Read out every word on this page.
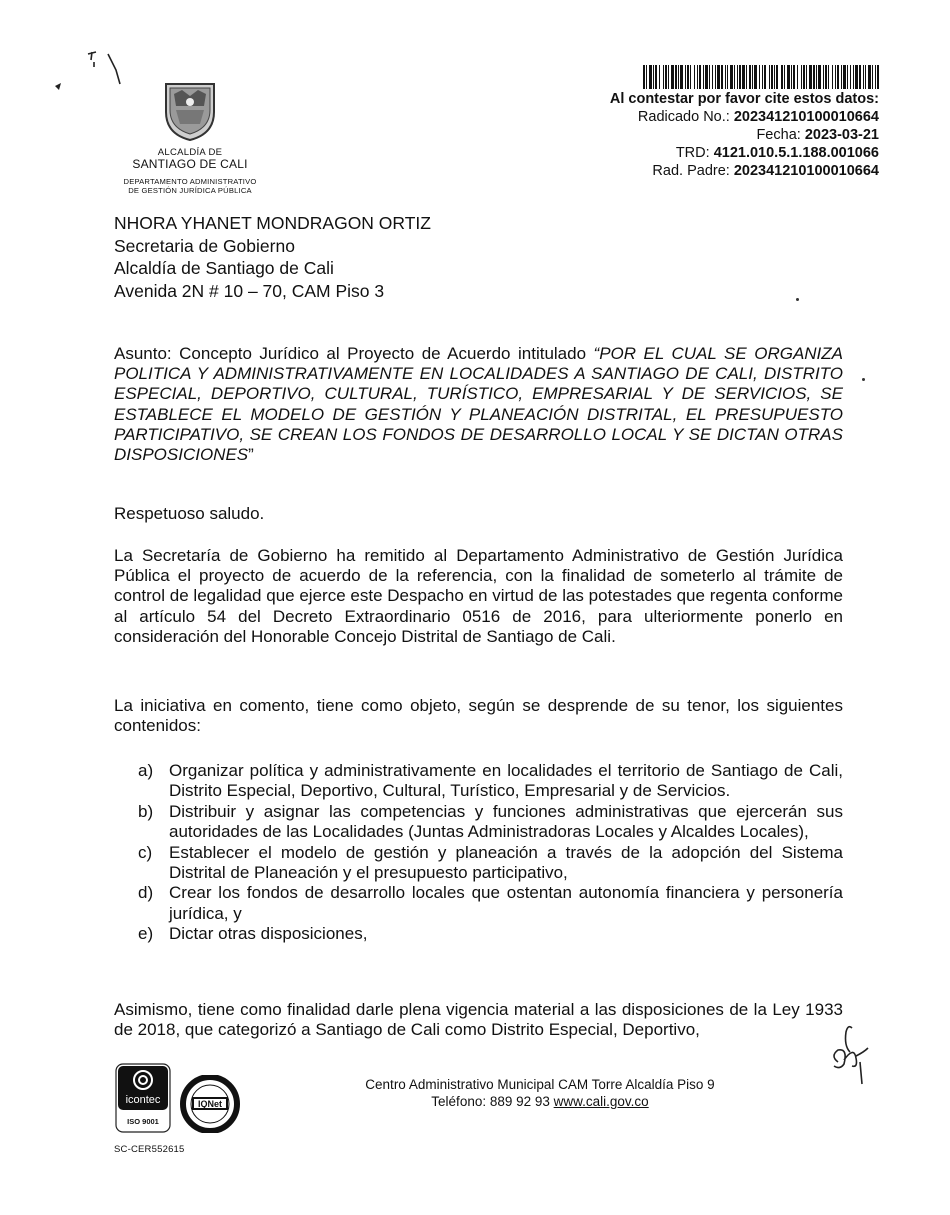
ALCALDÍA DE
SANTIAGO DE CALI
DEPARTAMENTO ADMINISTRATIVO
DE GESTIÓN JURÍDICA PÚBLICA
Al contestar por favor cite estos datos:
Radicado No.: 202341210100010664
Fecha: 2023-03-21
TRD: 4121.010.5.1.188.001066
Rad. Padre: 202341210100010664
NHORA YHANET MONDRAGON ORTIZ
Secretaria de Gobierno
Alcaldía de Santiago de Cali
Avenida 2N # 10 – 70, CAM Piso 3
Asunto: Concepto Jurídico al Proyecto de Acuerdo intitulado “POR EL CUAL SE ORGANIZA POLITICA Y ADMINISTRATIVAMENTE EN LOCALIDADES A SANTIAGO DE CALI, DISTRITO ESPECIAL, DEPORTIVO, CULTURAL, TURÍSTICO, EMPRESARIAL Y DE SERVICIOS, SE ESTABLECE EL MODELO DE GESTIÓN Y PLANEACIÓN DISTRITAL, EL PRESUPUESTO PARTICIPATIVO, SE CREAN LOS FONDOS DE DESARROLLO LOCAL Y SE DICTAN OTRAS DISPOSICIONES”
Respetuoso saludo.
La Secretaría de Gobierno ha remitido al Departamento Administrativo de Gestión Jurídica Pública el proyecto de acuerdo de la referencia, con la finalidad de someterlo al trámite de control de legalidad que ejerce este Despacho en virtud de las potestades que regenta conforme al artículo 54 del Decreto Extraordinario 0516 de 2016, para ulteriormente ponerlo en consideración del Honorable Concejo Distrital de Santiago de Cali.
La iniciativa en comento, tiene como objeto, según se desprende de su tenor, los siguientes contenidos:
a) Organizar política y administrativamente en localidades el territorio de Santiago de Cali, Distrito Especial, Deportivo, Cultural, Turístico, Empresarial y de Servicios.
b) Distribuir y asignar las competencias y funciones administrativas que ejercerán sus autoridades de las Localidades (Juntas Administradoras Locales y Alcaldes Locales),
c) Establecer el modelo de gestión y planeación a través de la adopción del Sistema Distrital de Planeación y el presupuesto participativo,
d) Crear los fondos de desarrollo locales que ostentan autonomía financiera y personería jurídica, y
e) Dictar otras disposiciones,
Asimismo, tiene como finalidad darle plena vigencia material a las disposiciones de la Ley 1933 de 2018, que categorizó a Santiago de Cali como Distrito Especial, Deportivo,
icontec
ISO 9001
IQNet
SC-CER552615
Centro Administrativo Municipal CAM Torre Alcaldía Piso 9
Teléfono: 889 92 93 www.cali.gov.co
